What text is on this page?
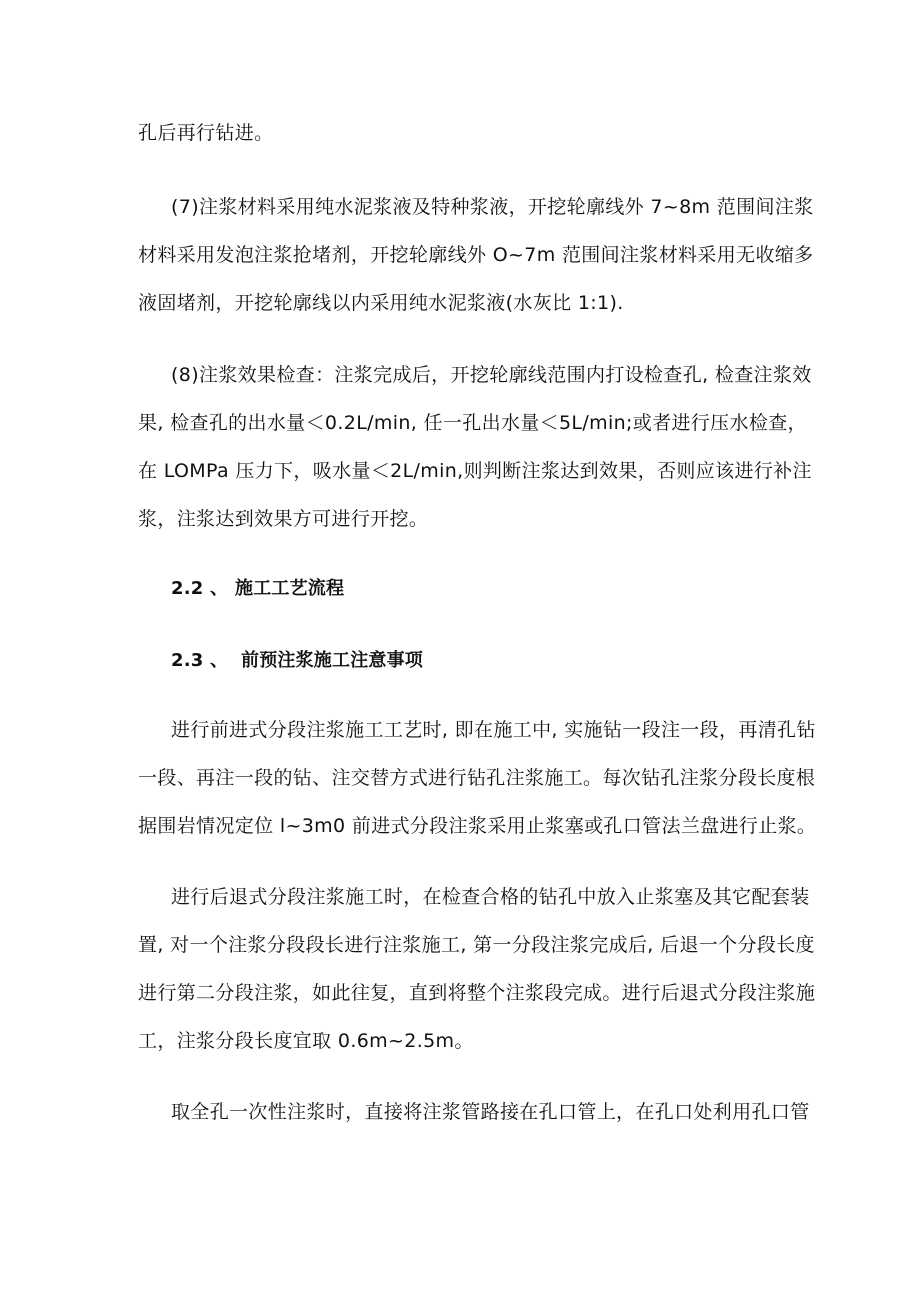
孔后再行钻进。
(7)注浆材料采用纯水泥浆液及特种浆液，开挖轮廓线外 7~8m 范围间注浆
材料采用发泡注浆抢堵剂，开挖轮廓线外 O~7m 范围间注浆材料采用无收缩多
液固堵剂，开挖轮廓线以内采用纯水泥浆液(水灰比 1:1).
(8)注浆效果检查：注浆完成后，开挖轮廓线范围内打设检查孔, 检查注浆效
果, 检查孔的出水量＜0.2L∕min, 任一孔出水量＜5L∕min;或者进行压水检查，
在 LOMPa 压力下，吸水量＜2L∕min,则判断注浆达到效果，否则应该进行补注
浆，注浆达到效果方可进行开挖。
2.2 、 施工工艺流程
2.3 、 前预注浆施工注意事项
进行前进式分段注浆施工工艺时, 即在施工中, 实施钻一段注一段，再清孔钻
一段、再注一段的钻、注交替方式进行钻孔注浆施工。每次钻孔注浆分段长度根
据围岩情况定位 l~3m0 前进式分段注浆采用止浆塞或孔口管法兰盘进行止浆。
进行后退式分段注浆施工时，在检查合格的钻孔中放入止浆塞及其它配套装
置, 对一个注浆分段段长进行注浆施工, 第一分段注浆完成后, 后退一个分段长度
进行第二分段注浆，如此往复，直到将整个注浆段完成。进行后退式分段注浆施
工，注浆分段长度宜取 0.6m~2.5m。
取全孔一次性注浆时，直接将注浆管路接在孔口管上，在孔口处利用孔口管
